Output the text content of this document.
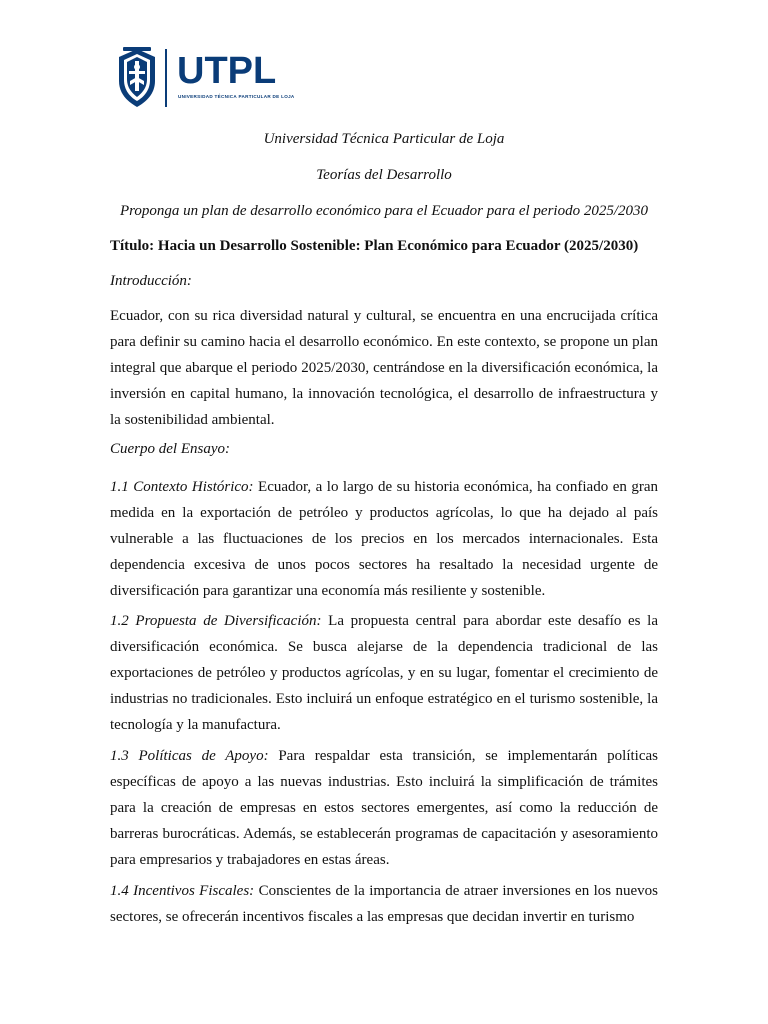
UTPL
UNIVERSIDAD TÉCNICA PARTICULAR DE LOJA
Universidad Técnica Particular de Loja
Teorías del Desarrollo
Proponga un plan de desarrollo económico para el Ecuador para el periodo 2025/2030
Título: Hacia un Desarrollo Sostenible: Plan Económico para Ecuador (2025/2030)
Introducción:
Ecuador, con su rica diversidad natural y cultural, se encuentra en una encrucijada crítica para definir su camino hacia el desarrollo económico. En este contexto, se propone un plan integral que abarque el periodo 2025/2030, centrándose en la diversificación económica, la inversión en capital humano, la innovación tecnológica, el desarrollo de infraestructura y la sostenibilidad ambiental.
Cuerpo del Ensayo:
1.1 Contexto Histórico: Ecuador, a lo largo de su historia económica, ha confiado en gran medida en la exportación de petróleo y productos agrícolas, lo que ha dejado al país vulnerable a las fluctuaciones de los precios en los mercados internacionales. Esta dependencia excesiva de unos pocos sectores ha resaltado la necesidad urgente de diversificación para garantizar una economía más resiliente y sostenible.
1.2 Propuesta de Diversificación: La propuesta central para abordar este desafío es la diversificación económica. Se busca alejarse de la dependencia tradicional de las exportaciones de petróleo y productos agrícolas, y en su lugar, fomentar el crecimiento de industrias no tradicionales. Esto incluirá un enfoque estratégico en el turismo sostenible, la tecnología y la manufactura.
1.3 Políticas de Apoyo: Para respaldar esta transición, se implementarán políticas específicas de apoyo a las nuevas industrias. Esto incluirá la simplificación de trámites para la creación de empresas en estos sectores emergentes, así como la reducción de barreras burocráticas. Además, se establecerán programas de capacitación y asesoramiento para empresarios y trabajadores en estas áreas.
1.4 Incentivos Fiscales: Conscientes de la importancia de atraer inversiones en los nuevos sectores, se ofrecerán incentivos fiscales a las empresas que decidan invertir en turismo
